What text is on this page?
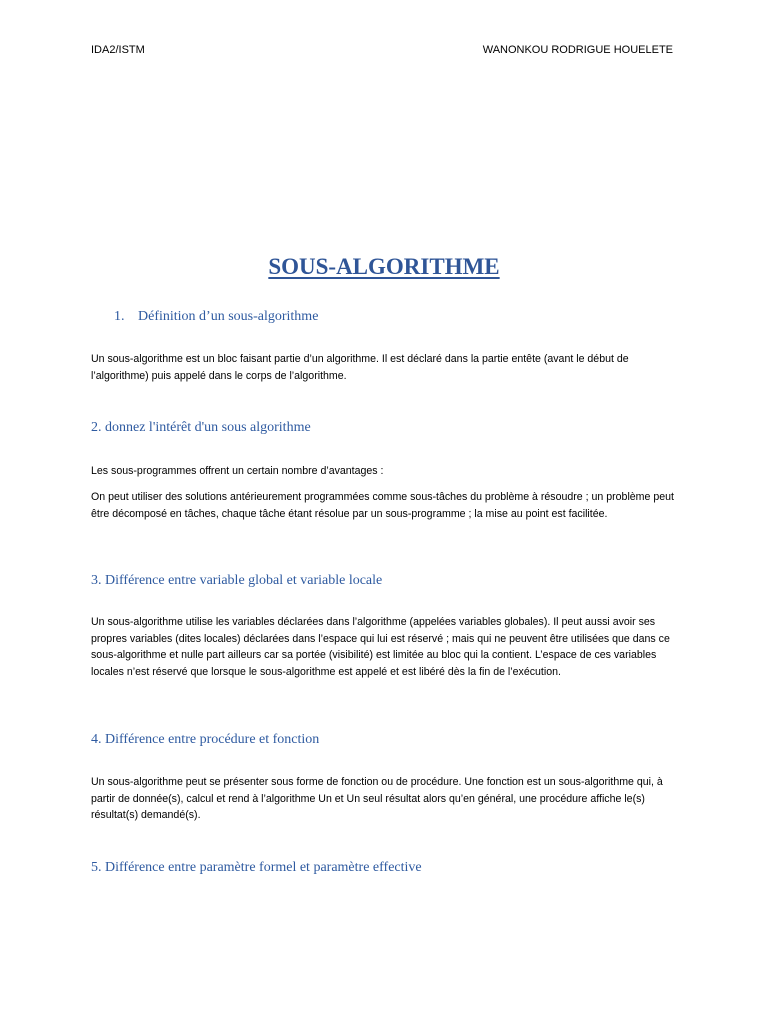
IDA2/ISTM	WANONKOU RODRIGUE HOUELETE
SOUS-ALGORITHME
1. Définition d’un sous-algorithme
Un sous-algorithme est un bloc faisant partie d’un algorithme. Il est déclaré dans la partie entête (avant le début de l’algorithme) puis appelé dans le corps de l’algorithme.
2. donnez l'intérêt d'un sous algorithme
Les sous-programmes offrent un certain nombre d’avantages :
On peut utiliser des solutions antérieurement programmées comme sous-tâches du problème à résoudre ; un problème peut être décomposé en tâches, chaque tâche étant résolue par un sous-programme ; la mise au point est facilitée.
3. Différence entre variable global et variable locale
Un sous-algorithme utilise les variables déclarées dans l’algorithme (appelées variables globales). Il peut aussi avoir ses propres variables (dites locales) déclarées dans l’espace qui lui est réservé ; mais qui ne peuvent être utilisées que dans ce sous-algorithme et nulle part ailleurs car sa portée (visibilité) est limitée au bloc qui la contient. L’espace de ces variables locales n’est réservé que lorsque le sous-algorithme est appelé et est libéré dès la fin de l’exécution.
4. Différence entre procédure et fonction
Un sous-algorithme peut se présenter sous forme de fonction ou de procédure. Une fonction est un sous-algorithme qui, à partir de donnée(s), calcul et rend à l’algorithme Un et Un seul résultat alors qu’en général, une procédure affiche le(s) résultat(s) demandé(s).
5. Différence entre paramètre formel et paramètre effective
